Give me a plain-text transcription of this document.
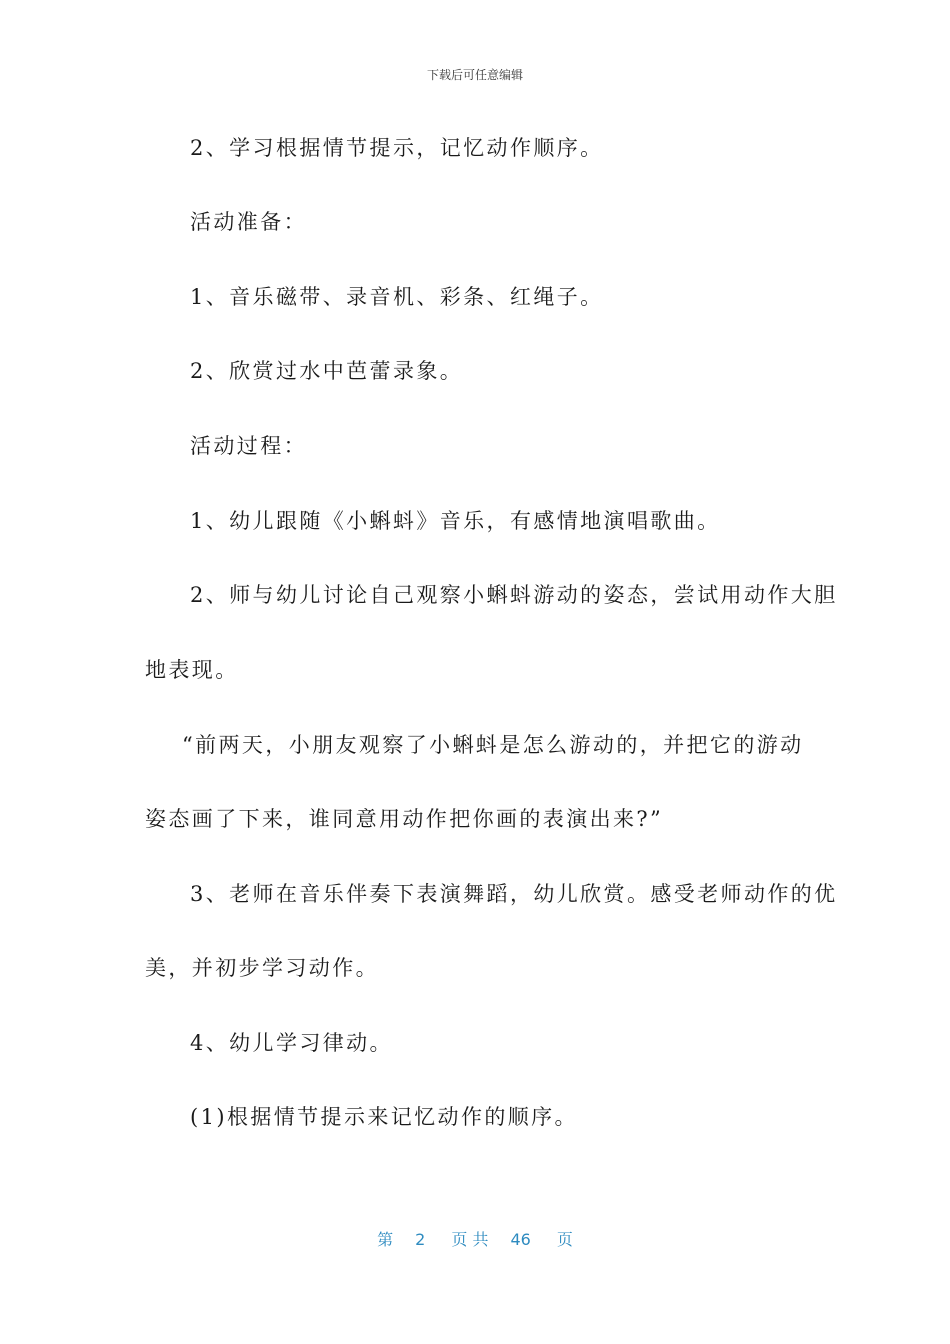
下载后可任意编辑
2、学习根据情节提示，记忆动作顺序。
活动准备：
1、音乐磁带、录音机、彩条、红绳子。
2、欣赏过水中芭蕾录象。
活动过程：
1、幼儿跟随《小蝌蚪》音乐，有感情地演唱歌曲。
2、师与幼儿讨论自己观察小蝌蚪游动的姿态，尝试用动作大胆
地表现。
“前两天，小朋友观察了小蝌蚪是怎么游动的，并把它的游动
姿态画了下来，谁同意用动作把你画的表演出来?”
3、老师在音乐伴奏下表演舞蹈，幼儿欣赏。感受老师动作的优
美，并初步学习动作。
4、幼儿学习律动。
(1)根据情节提示来记忆动作的顺序。
第 2 页 共 46 页
